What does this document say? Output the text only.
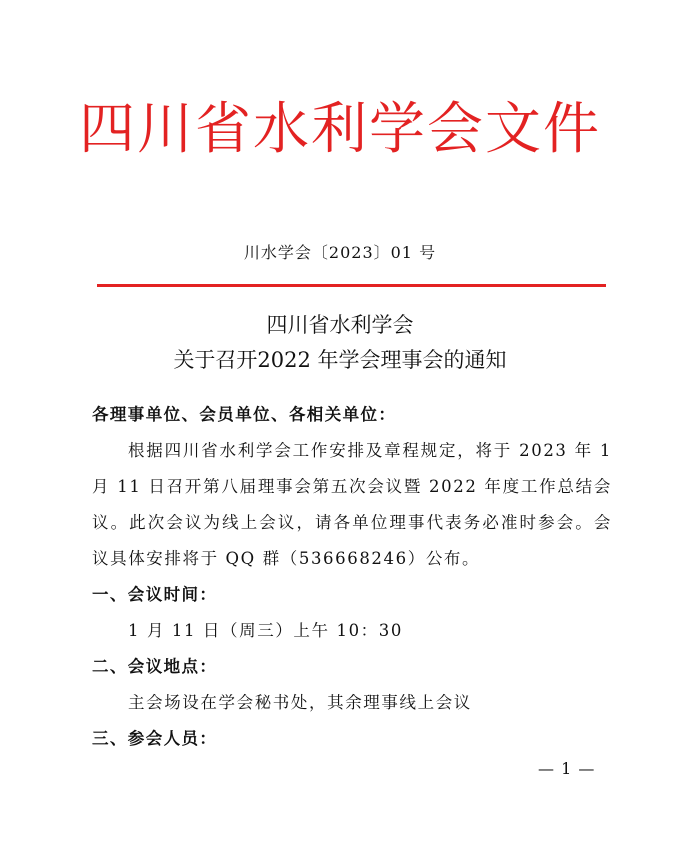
四川省水利学会文件
川水学会〔2023〕01 号
四川省水利学会
关于召开2022 年学会理事会的通知
各理事单位、会员单位、各相关单位：
根据四川省水利学会工作安排及章程规定，将于 2023 年 1
月 11 日召开第八届理事会第五次会议暨 2022 年度工作总结会
议。此次会议为线上会议，请各单位理事代表务必准时参会。会
议具体安排将于 QQ 群（536668246）公布。
一、会议时间：
1 月 11 日（周三）上午 10：30
二、会议地点：
主会场设在学会秘书处，其余理事线上会议
三、参会人员：
— 1 —
